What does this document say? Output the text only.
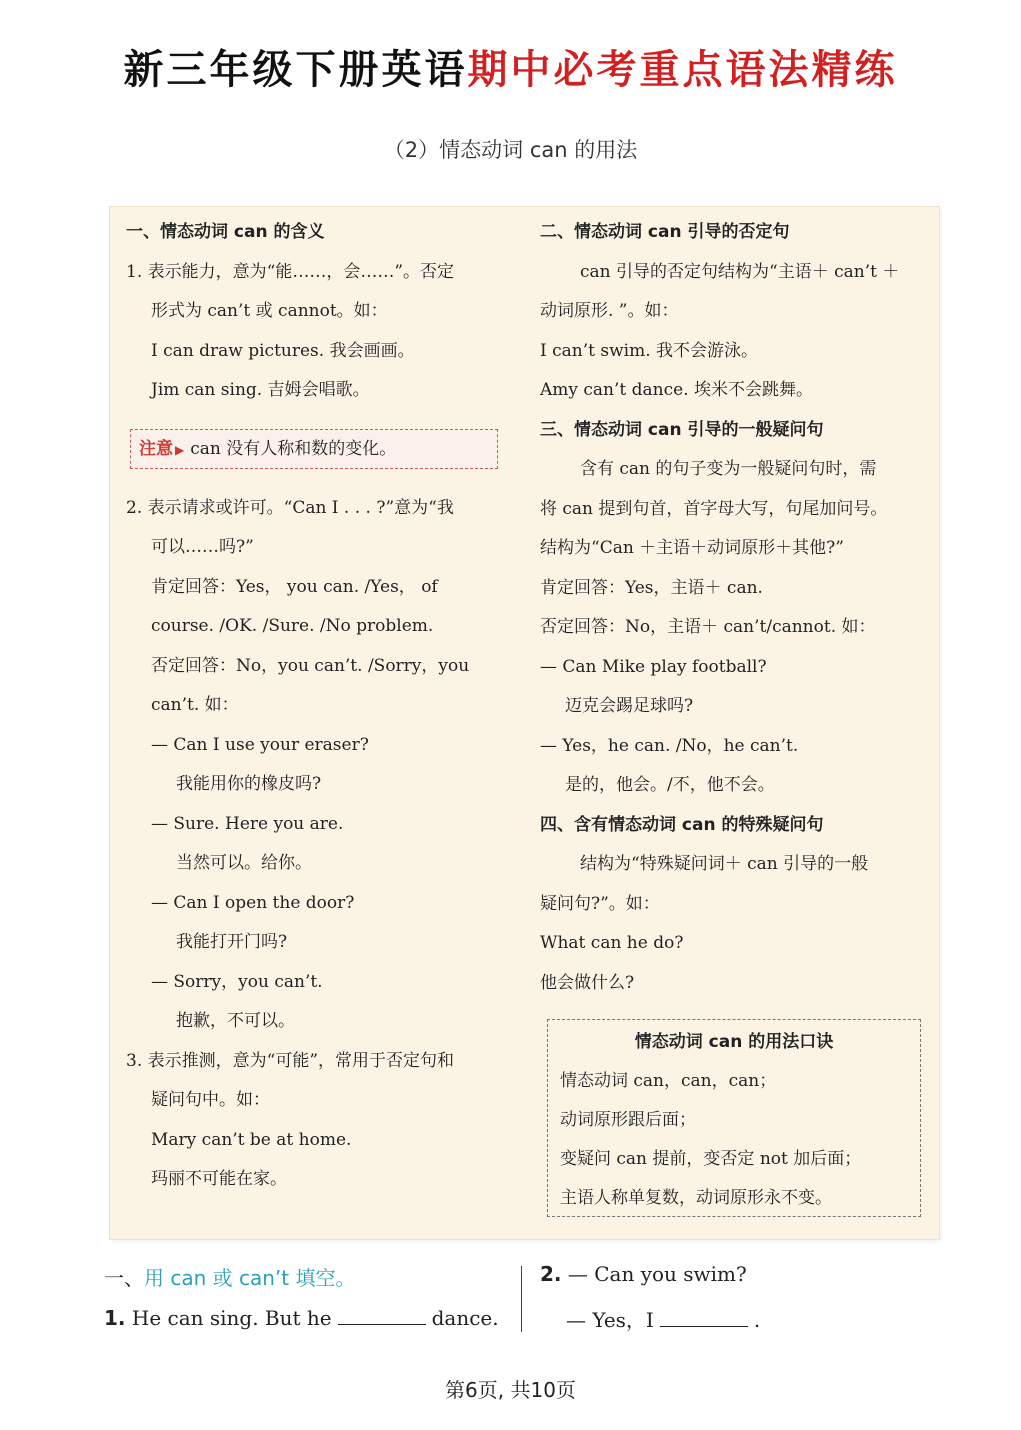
新三年级下册英语期中必考重点语法精练
（2）情态动词 can 的用法
一、情态动词 can 的含义
1. 表示能力，意为“能……，会……”。否定
形式为 can’t 或 cannot。如：
I can draw pictures. 我会画画。
Jim can sing. 吉姆会唱歌。
2. 表示请求或许可。“Can I . . . ?”意为“我
可以……吗?”
肯定回答：Yes， you can. /Yes， of
course. /OK. /Sure. /No problem.
否定回答：No，you can’t. /Sorry，you
can’t. 如：
— Can I use your eraser?
我能用你的橡皮吗?
— Sure. Here you are.
当然可以。给你。
— Can I open the door?
我能打开门吗?
— Sorry，you can’t.
抱歉，不可以。
3. 表示推测，意为“可能”，常用于否定句和
疑问句中。如：
Mary can’t be at home.
玛丽不可能在家。
注意 ▶ can 没有人称和数的变化。
二、情态动词 can 引导的否定句
can 引导的否定句结构为“主语＋ can’t ＋
动词原形. ”。如：
I can’t swim. 我不会游泳。
Amy can’t dance. 埃米不会跳舞。
三、情态动词 can 引导的一般疑问句
含有 can 的句子变为一般疑问句时，需
将 can 提到句首，首字母大写，句尾加问号。
结构为“Can ＋主语＋动词原形＋其他?”
肯定回答：Yes，主语＋ can.
否定回答：No，主语＋ can’t/cannot. 如：
— Can Mike play football?
迈克会踢足球吗?
— Yes，he can. /No，he can’t.
是的，他会。/不，他不会。
四、含有情态动词 can 的特殊疑问句
结构为“特殊疑问词＋ can 引导的一般
疑问句?”。如：
What can he do?
他会做什么?
情态动词 can 的用法口诀
情态动词 can，can，can；
动词原形跟后面；
变疑问 can 提前，变否定 not 加后面；
主语人称单复数，动词原形永不变。
一、用 can 或 can’t 填空。
1. He can sing. But he	dance.
2. — Can you swim?
— Yes，I	.
第6页, 共10页
